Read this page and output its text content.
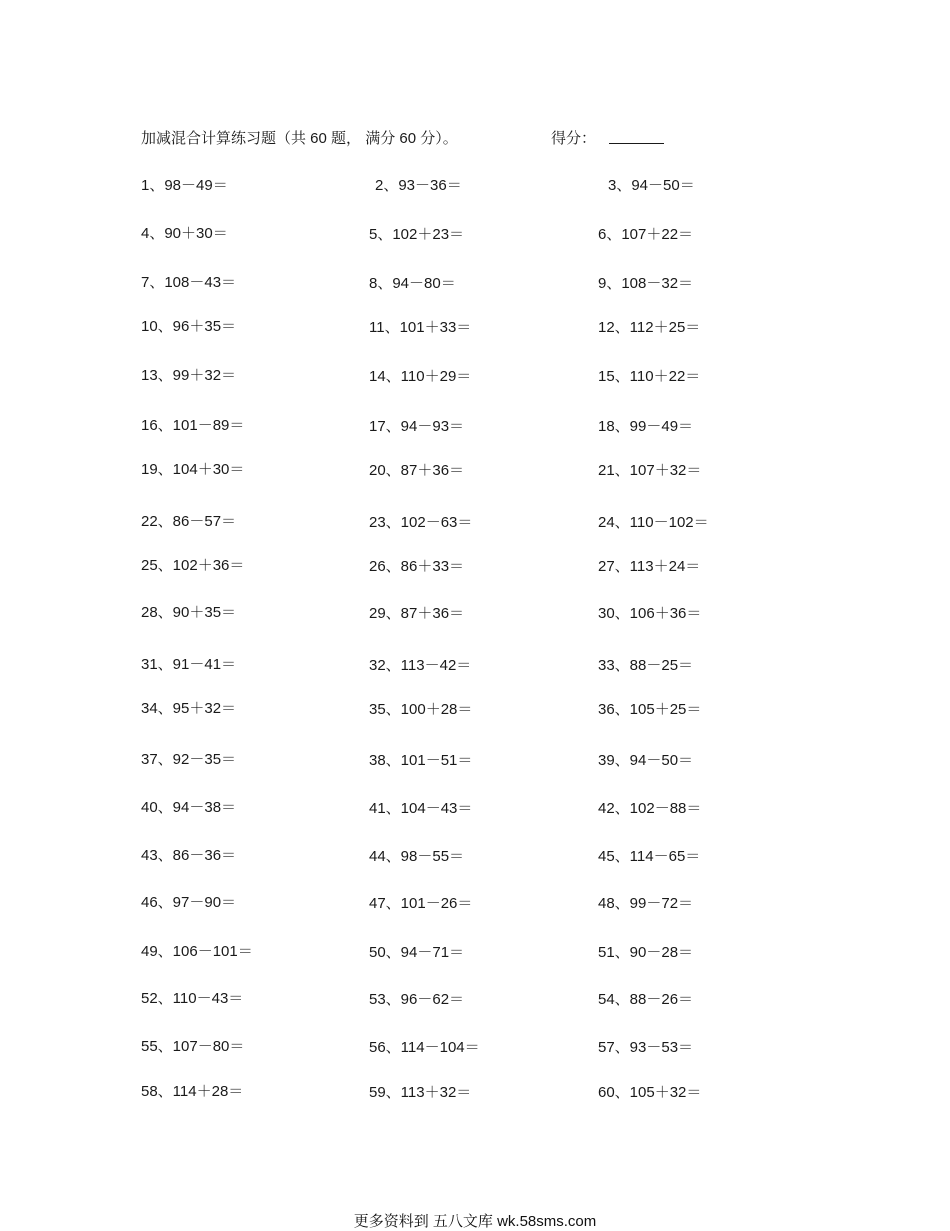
加减混合计算练习题（共 60 题， 满分 60 分）。	得分：
1、98－49＝	2、93－36＝	3、94－50＝
4、90＋30＝	5、102＋23＝	6、107＋22＝
7、108－43＝	8、94－80＝	9、108－32＝
10、96＋35＝	11、101＋33＝	12、112＋25＝
13、99＋32＝	14、110＋29＝	15、110＋22＝
16、101－89＝	17、94－93＝	18、99－49＝
19、104＋30＝	20、87＋36＝	21、107＋32＝
22、86－57＝	23、102－63＝	24、110－102＝
25、102＋36＝	26、86＋33＝	27、113＋24＝
28、90＋35＝	29、87＋36＝	30、106＋36＝
31、91－41＝	32、113－42＝	33、88－25＝
34、95＋32＝	35、100＋28＝	36、105＋25＝
37、92－35＝	38、101－51＝	39、94－50＝
40、94－38＝	41、104－43＝	42、102－88＝
43、86－36＝	44、98－55＝	45、114－65＝
46、97－90＝	47、101－26＝	48、99－72＝
49、106－101＝	50、94－71＝	51、90－28＝
52、110－43＝	53、96－62＝	54、88－26＝
55、107－80＝	56、114－104＝	57、93－53＝
58、114＋28＝	59、113＋32＝	60、105＋32＝
更多资料到 五八文库 wk.58sms.com
